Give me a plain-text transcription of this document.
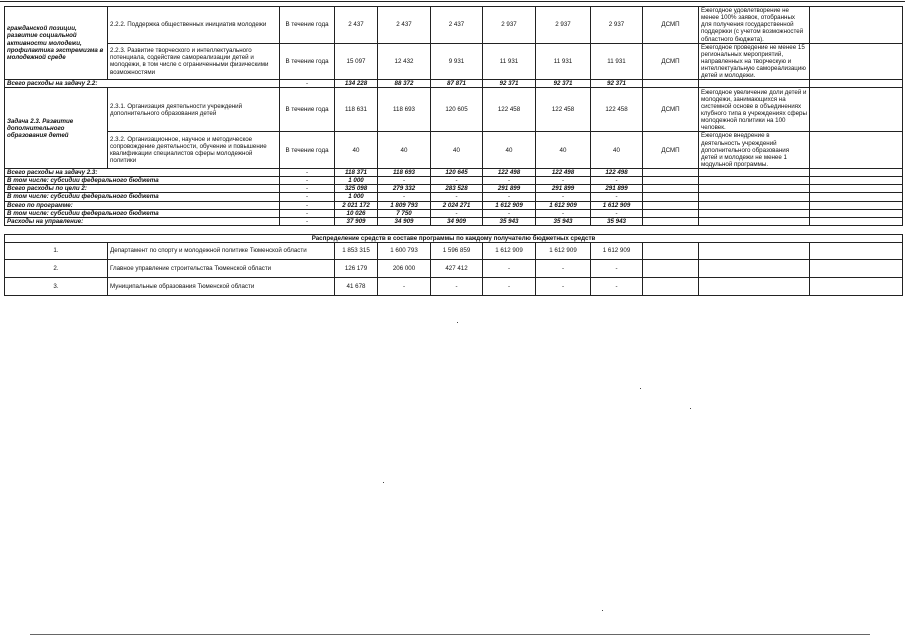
гражданской позиции, развитие социальной активности молодежи, профилактика экстремизма в молодежной среде	2.2.2. Поддержка общественных инициатив молодежи	В течение года	2 437	2 437	2 437	2 937	2 937	2 937	ДСМП	Ежегодное удовлетворение не менее 100% заявок, отобранных для получения государственной поддержки (с учетом возможностей областного бюджета).	
	2.2.3. Развитие творческого и интеллектуального потенциала, содействие самореализации детей и молодежи, в том числе с ограниченными физическими возможностями	В течение года	15 097	12 432	9 931	11 931	11 931	11 931	ДСМП	Ежегодное проведение не менее 15 региональных мероприятий, направленных на творческую и интеллектуальную самореализацию детей и молодежи.	
Всего расходы на задачу 2.2:		-	134 228	88 372	87 871	92 371	92 371	92 371			
Задача 2.3. Развитие дополнительного образования детей	2.3.1. Организация деятельности учреждений дополнительного образования детей	В течение года	118 631	118 693	120 605	122 458	122 458	122 458	ДСМП	Ежегодное увеличение доли детей и молодежи, занимающихся на системной основе в объединениях клубного типа в учреждениях сферы молодежной политики на 100 человек.	
	2.3.2. Организационное, научное и методическое сопровождение деятельности, обучение и повышение квалификации специалистов сферы молодежной политики	В течение года	40	40	40	40	40	40	ДСМП	Ежегодное внедрение в деятельность учреждений дополнительного образования детей и молодежи не менее 1 модульной программы.	
Всего расходы на задачу 2.3:		-	118 371	118 693	120 645	122 498	122 498	122 498			
В том числе: субсидии федерального бюджета		-	1 000	-	-	-	-	-			
Всего расходы по цели 2:		-	325 098	279 332	283 528	291 899	291 899	291 899			
В том числе: субсидии федерального бюджета		-	1 000	-	-	-	-	-			
Всего по программе:		-	2 021 172	1 809 793	2 024 271	1 612 909	1 612 909	1 612 909			
В том числе: субсидии федерального бюджета		-	10 026	7 750	-	-	-	-			
Расходы на управление:		-	37 909	34 909	34 909	35 943	35 943	35 943			

Распределение средств в составе программы по каждому получателю бюджетных средств											
1.	Департамент по спорту и молодежной политике Тюменской области		1 853 315	1 600 793	1 596 859	1 612 909	1 612 909	1 612 909			
2.	Главное управление строительства Тюменской области		126 179	206 000	427 412	-	-	-			
3.	Муниципальные образования Тюменской области		41 678	-	-	-	-	-			
